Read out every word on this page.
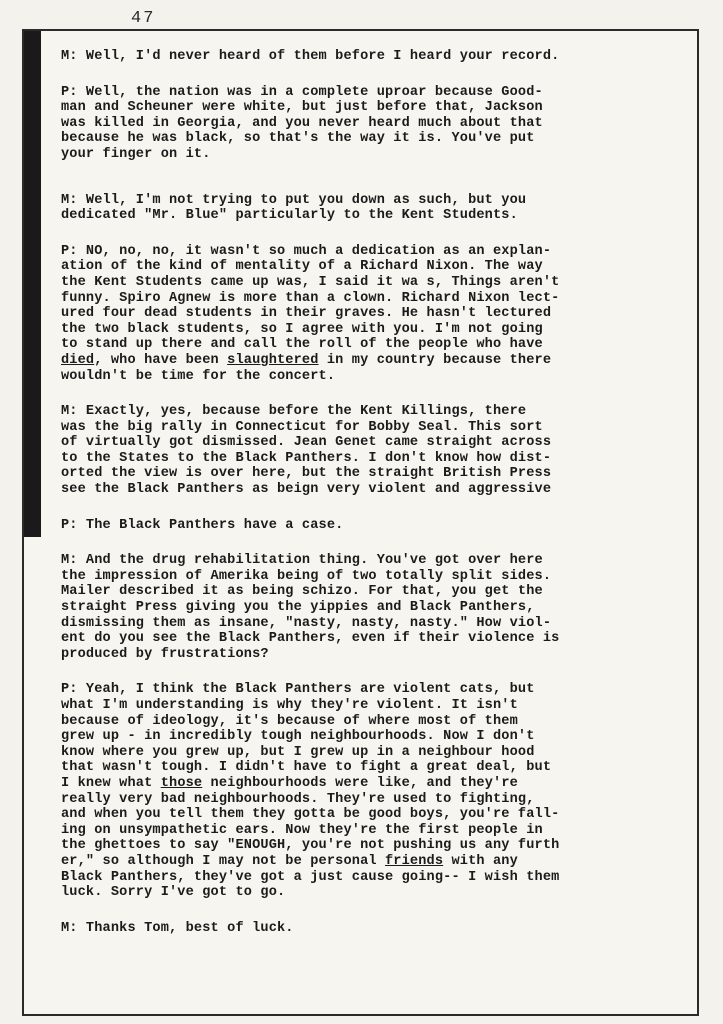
47
M: Well, I'd never heard of them before I heard your record.
P: Well, the nation was in a complete uproar because Good-
man and Scheuner were white, but just before that, Jackson
was killed in Georgia, and you never heard much about that
because he was black, so that's the way it is. You've put
your finger on it.
M: Well, I'm not trying to put you down as such, but you
dedicated "Mr. Blue" particularly to the Kent Students.
P: NO, no, no, it wasn't so much a dedication as an explan-
ation of the kind of mentality of a Richard Nixon. The way
the Kent Students came up was, I said it wa s, Things aren't
funny. Spiro Agnew is more than a clown. Richard Nixon lect-
ured four dead students in their graves. He hasn't lectured
the two black students, so I agree with you. I'm not going
to stand up there and call the roll of the people who have
died, who have been slaughtered in my country because there
wouldn't be time for the concert.
M: Exactly, yes, because before the Kent Killings, there
was the big rally in Connecticut for Bobby Seal. This sort
of virtually got dismissed. Jean Genet came straight across
to the States to the Black Panthers. I don't know how dist-
orted the view is over here, but the straight British Press
see the Black Panthers as beign very violent and aggressive
P: The Black Panthers have a case.
M: And the drug rehabilitation thing. You've got over here
the impression of Amerika being of two totally split sides.
Mailer described it as being schizo. For that, you get the
straight Press giving you the yippies and Black Panthers,
dismissing them as insane, "nasty, nasty, nasty." How viol-
ent do you see the Black Panthers, even if their violence is
produced by frustrations?
P: Yeah, I think the Black Panthers are violent cats, but
what I'm understanding is why they're violent. It isn't
because of ideology, it's because of where most of them
grew up - in incredibly tough neighbourhoods. Now I don't
know where you grew up, but I grew up in a neighbour hood
that wasn't tough. I didn't have to fight a great deal, but
I knew what those neighbourhoods were like, and they're
really very bad neighbourhoods. They're used to fighting,
and when you tell them they gotta be good boys, you're fall-
ing on unsympathetic ears. Now they're the first people in
the ghettoes to say "ENOUGH, you're not pushing us any furth
er," so although I may not be personal friends with any
Black Panthers, they've got a just cause going-- I wish them
luck. Sorry I've got to go.
M: Thanks Tom, best of luck.
